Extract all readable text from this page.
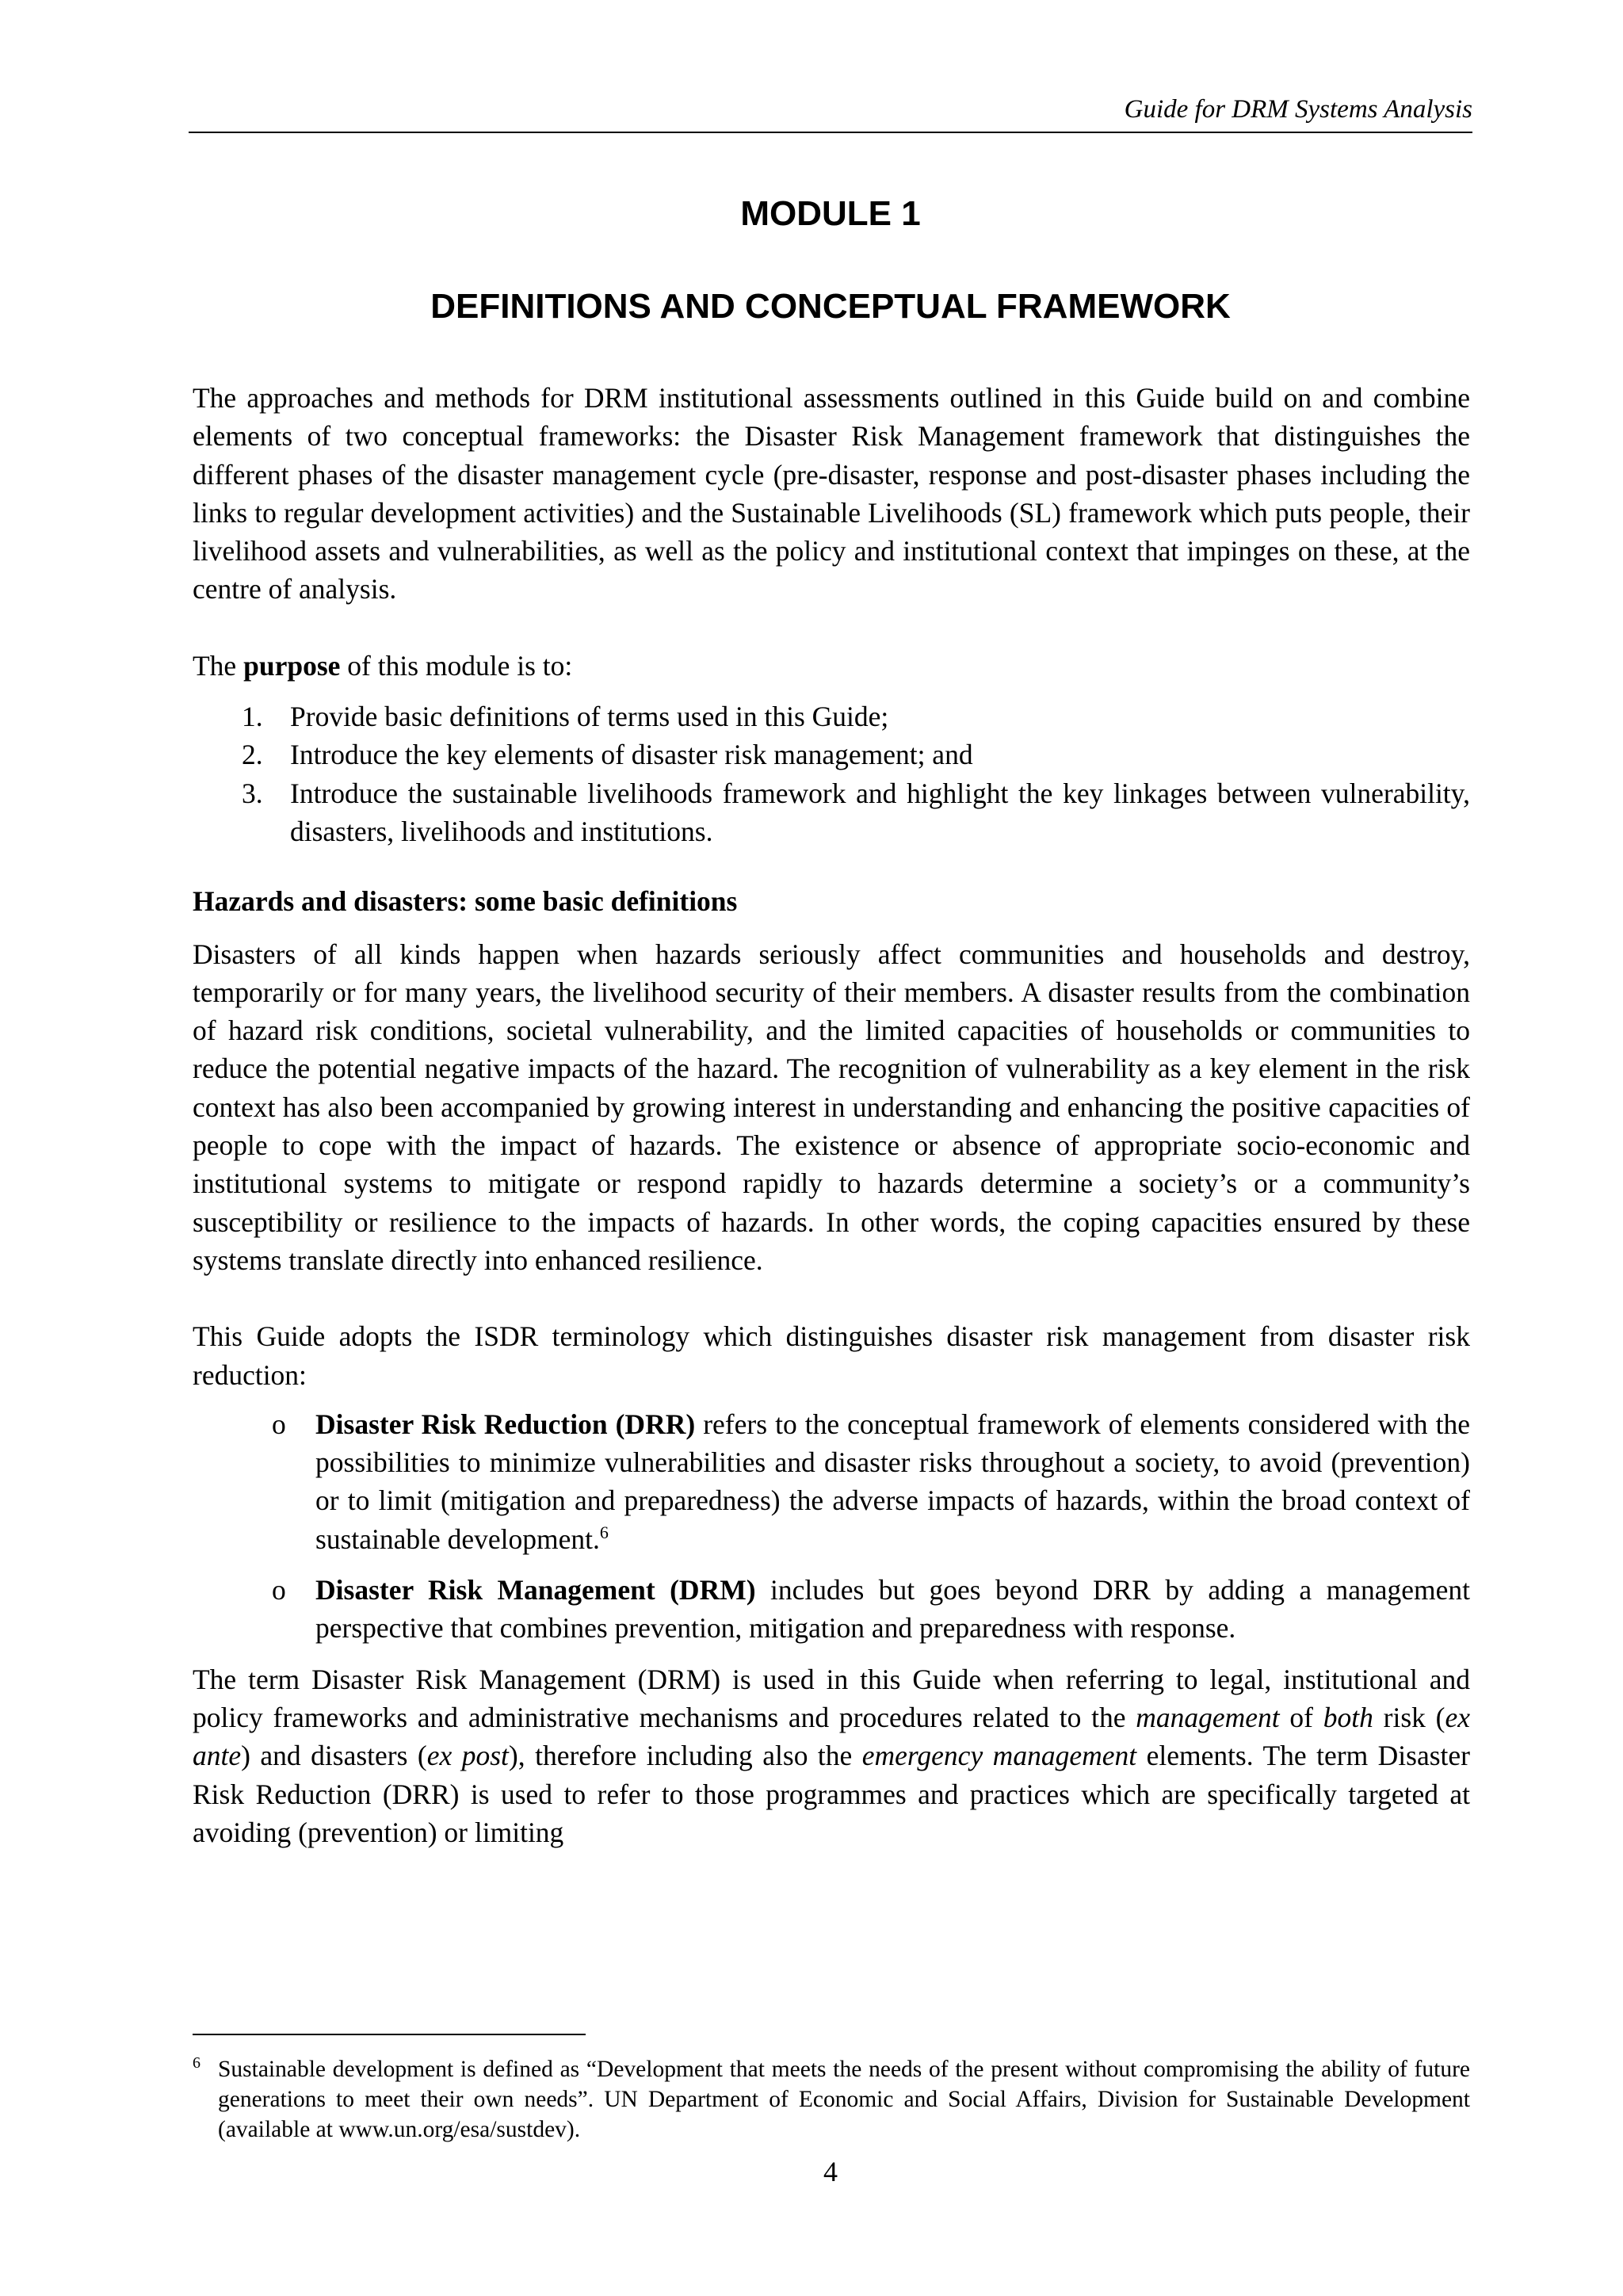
Guide for DRM Systems Analysis
MODULE 1
DEFINITIONS AND CONCEPTUAL FRAMEWORK

The approaches and methods for DRM institutional assessments outlined in this Guide build on and combine elements of two conceptual frameworks: the Disaster Risk Management framework that distinguishes the different phases of the disaster management cycle (pre-disaster, response and post-disaster phases including the links to regular development activities) and the Sustainable Livelihoods (SL) framework which puts people, their livelihood assets and vulnerabilities, as well as the policy and institutional context that impinges on these, at the centre of analysis.

The purpose of this module is to:

1. Provide basic definitions of terms used in this Guide;
2. Introduce the key elements of disaster risk management; and
3. Introduce the sustainable livelihoods framework and highlight the key linkages between vulnerability, disasters, livelihoods and institutions.

Hazards and disasters: some basic definitions

Disasters of all kinds happen when hazards seriously affect communities and households and destroy, temporarily or for many years, the livelihood security of their members. A disaster results from the combination of hazard risk conditions, societal vulnerability, and the limited capacities of households or communities to reduce the potential negative impacts of the hazard. The recognition of vulnerability as a key element in the risk context has also been accompanied by growing interest in understanding and enhancing the positive capacities of people to cope with the impact of hazards. The existence or absence of appropriate socio-economic and institutional systems to mitigate or respond rapidly to hazards determine a society’s or a community’s susceptibility or resilience to the impacts of hazards. In other words, the coping capacities ensured by these systems translate directly into enhanced resilience.

This Guide adopts the ISDR terminology which distinguishes disaster risk management from disaster risk reduction:

o Disaster Risk Reduction (DRR) refers to the conceptual framework of elements considered with the possibilities to minimize vulnerabilities and disaster risks throughout a society, to avoid (prevention) or to limit (mitigation and preparedness) the adverse impacts of hazards, within the broad context of sustainable development.$^6$
o Disaster Risk Management (DRM) includes but goes beyond DRR by adding a management perspective that combines prevention, mitigation and preparedness with response.

The term Disaster Risk Management (DRM) is used in this Guide when referring to legal, institutional and policy frameworks and administrative mechanisms and procedures related to the management of both risk (ex ante) and disasters (ex post), therefore including also the emergency management elements. The term Disaster Risk Reduction (DRR) is used to refer to those programmes and practices which are specifically targeted at avoiding (prevention) or limiting

6 Sustainable development is defined as “Development that meets the needs of the present without compromising the ability of future generations to meet their own needs”. UN Department of Economic and Social Affairs, Division for Sustainable Development (available at www.un.org/esa/sustdev).
4
